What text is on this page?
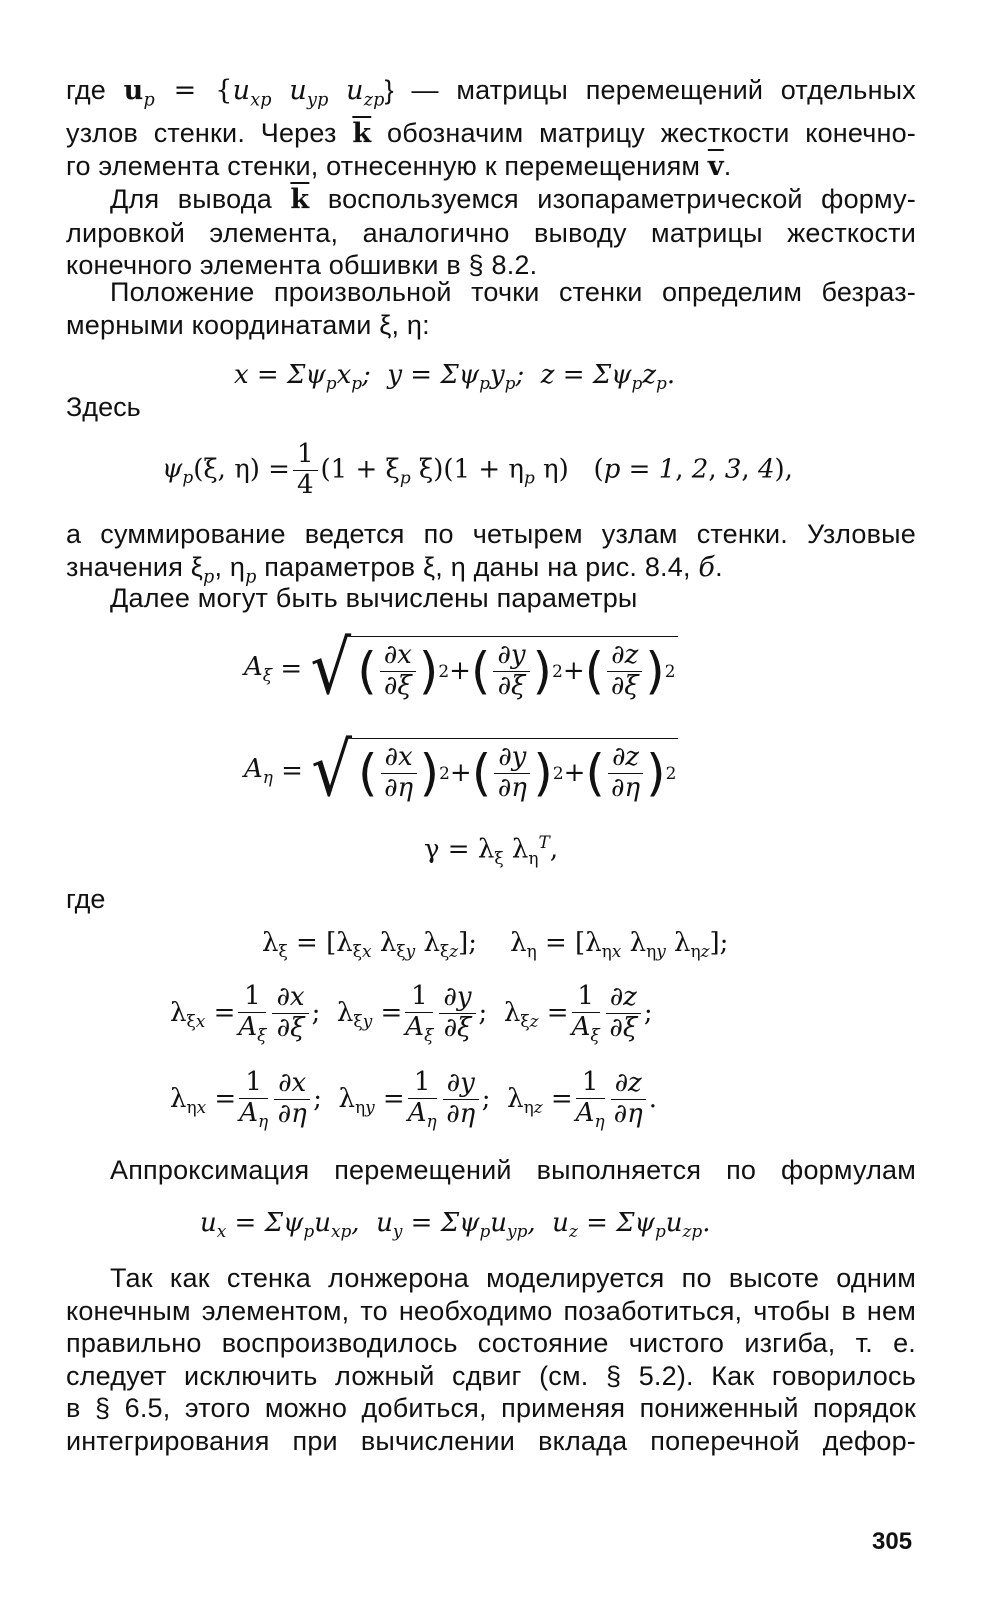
где $u_p = \{u_{xp}$ $u_{yp}$ $u_{zp}$} — матрицы перемещений отдельных
узлов стенки. Через $\overline{k}$ обозначим матрицу жесткости конечно-
го элемента стенки, отнесенную к перемещениям $\overline{v}$.
Для вывода $\overline{k}$ воспользуемся изопараметрической форму-
лировкой элемента, аналогично выводу матрицы жесткости
конечного элемента обшивки в § 8.2.
Положение произвольной точки стенки определим безраз-
мерными координатами ξ, η:
$x = \Sigma\psi_px_p$;  $y = \Sigma\psi_py_p$;  $z = \Sigma\psi_pz_p$.
Здесь
$\psi_p(\xi$, $\eta) = \frac{1}{4} (1 + \xi_p$ $\xi)(1 + \eta_p$ η)   (p = 1, 2, 3, 4),
а суммирование ведется по четырем узлам стенки. Узловые
значения $\xi_p$, $\eta_p$ параметров ξ, η даны на рис. 8.4, б.
Далее могут быть вычислены параметры
$A_\xi$ = √ ( $\frac{\partial x}{\partial\xi}$ ) 2 + ( $\frac{\partial y}{\partial\xi}$ ) 2 + ( $\frac{\partial z}{\partial\xi}$ ) 2
$A_\eta$ = √ ( $\frac{\partial x}{\partial\eta}$ ) 2 + ( $\frac{\partial y}{\partial\eta}$ ) 2 + ( $\frac{\partial z}{\partial\eta}$ ) 2
$\gamma = \lambda_\xi$ $\lambda_\eta^T$,
где
$\lambda_\xi = [\lambda_{\xi x}$ $\lambda_{\xi y}$ $\lambda_{\xi z}$];    $\lambda_\eta = [\lambda_{\eta x}$ $\lambda_{\eta y}$ $\lambda_{\eta z}$];
$\lambda_{\xi x} = \frac{1}{A_\xi} \frac{\partial x}{\partial\xi}$ ;  $\lambda_{\xi y} = \frac{1}{A_\xi} \frac{\partial y}{\partial\xi}$ ;  $\lambda_{\xi z} = \frac{1}{A_\xi} \frac{\partial z}{\partial\xi}$ ;
$\lambda_{\eta x} = \frac{1}{A_\eta} \frac{\partial x}{\partial\eta}$ ;  $\lambda_{\eta y} = \frac{1}{A_\eta} \frac{\partial y}{\partial\eta}$ ;  $\lambda_{\eta z} = \frac{1}{A_\eta} \frac{\partial z}{\partial\eta}$ .
Аппроксимация перемещений выполняется по формулам
$u_x = \Sigma\psi_pu_{xp}$,  $u_y = \Sigma\psi_pu_{yp}$,  $u_z = \Sigma\psi_pu_{zp}$.
Так как стенка лонжерона моделируется по высоте одним
конечным элементом, то необходимо позаботиться, чтобы в нем
правильно воспроизводилось состояние чистого изгиба, т. е.
следует исключить ложный сдвиг (см. § 5.2). Как говорилось
в § 6.5, этого можно добиться, применяя пониженный порядок
интегрирования при вычислении вклада поперечной дефор-
305
